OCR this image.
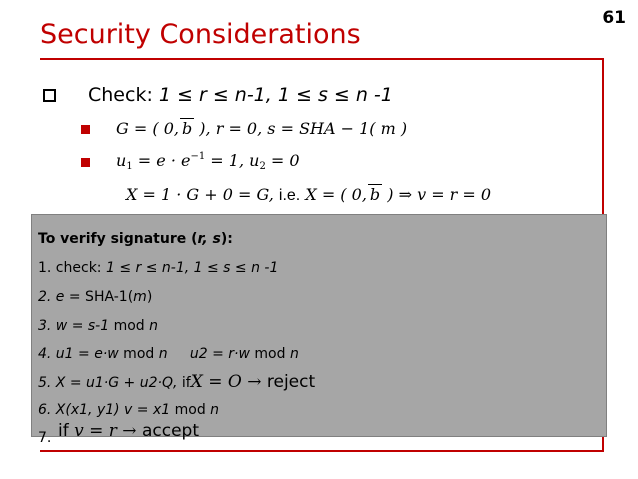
61
Security Considerations
Check: 1 ≤ r ≤ n-1, 1 ≤ s ≤ n -1
G = ( 0, b ), r = 0, s = SHA − 1( m )
$u_1 = e \cdot e^{-1} = 1$, $u_2 = 0$
X = 1 · G + 0 = G, i.e. X = ( 0, b ) ⇒ v = r = 0
To verify signature (r, s):
1. check: 1 ≤ r ≤ n-1, 1 ≤ s ≤ n -1
2. e = SHA-1(m)
3. w = s-1 mod n
4. u1 = e·w mod n     u2 = r·w mod n
5. X = u1·G + u2·Q, ifX = O → reject
6. X(x1, y1) v = x1 mod n
7. if v = r → accept
